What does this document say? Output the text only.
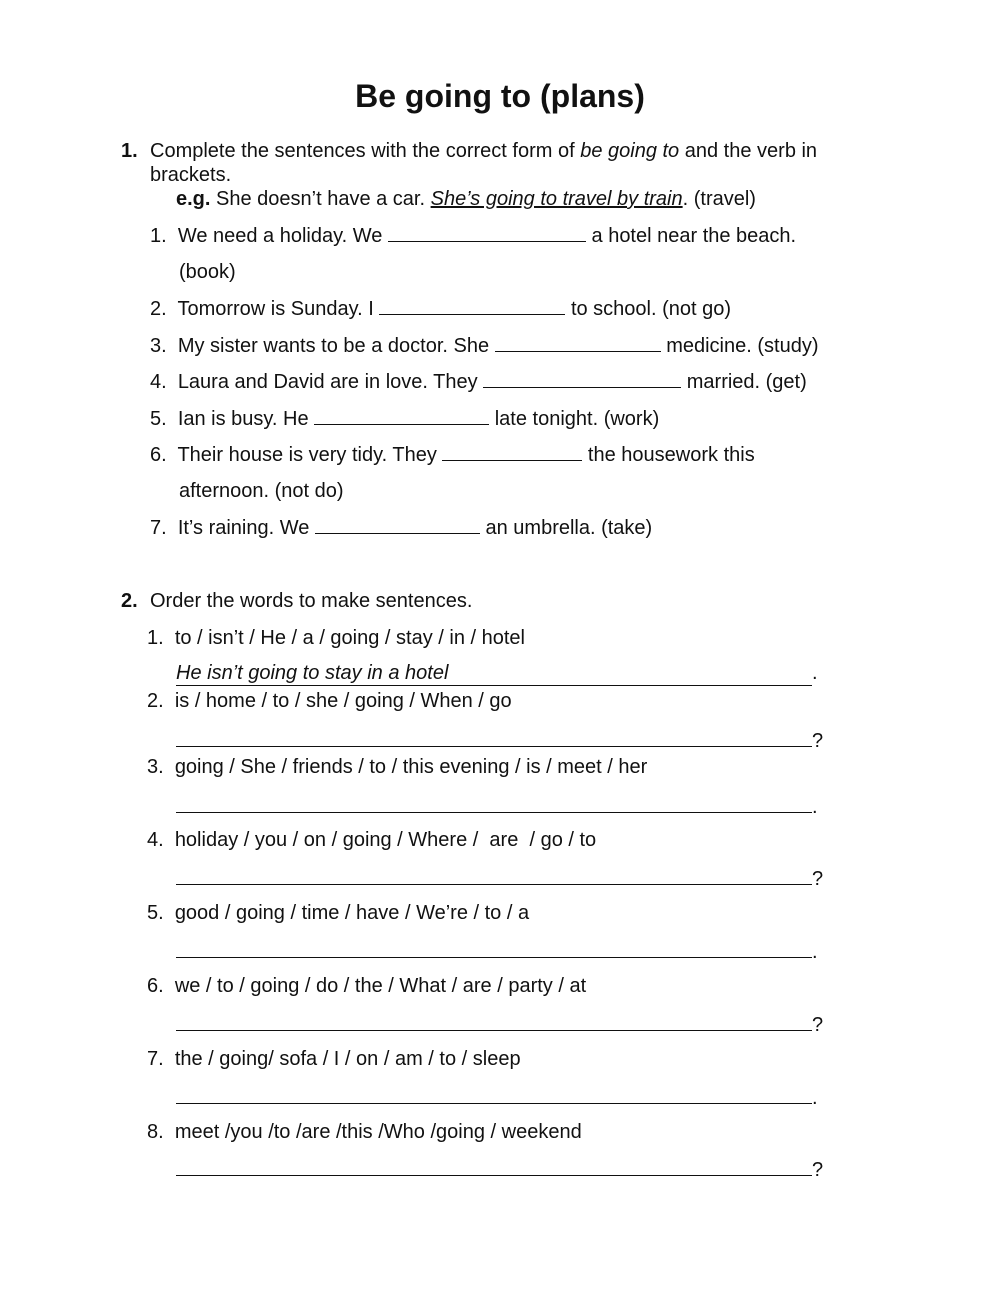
Be going to (plans)
1. Complete the sentences with the correct form of be going to and the verb in
brackets.
e.g. She doesn’t have a car. She’s going to travel by train. (travel)
1. We need a holiday. We	a hotel near the beach.
(book)
2. Tomorrow is Sunday. I	to school. (not go)
3. My sister wants to be a doctor. She	medicine. (study)
4. Laura and David are in love. They	married. (get)
5. Ian is busy. He	late tonight. (work)
6. Their house is very tidy. They	the housework this
afternoon. (not do)
7. It’s raining. We	an umbrella. (take)
2. Order the words to make sentences.
1. to / isn’t / He / a / going / stay / in / hotel
He isn’t going to stay in a hotel	.
2. is / home / to / she / going / When / go
?
3. going / She / friends / to / this evening / is / meet / her
.
4. holiday / you / on / going / Where /  are  / go / to
?
5. good / going / time / have / We’re / to / a
.
6. we / to / going / do / the / What / are / party / at
?
7. the / going/ sofa / I / on / am / to / sleep
.
8. meet /you /to /are /this /Who /going / weekend
?
